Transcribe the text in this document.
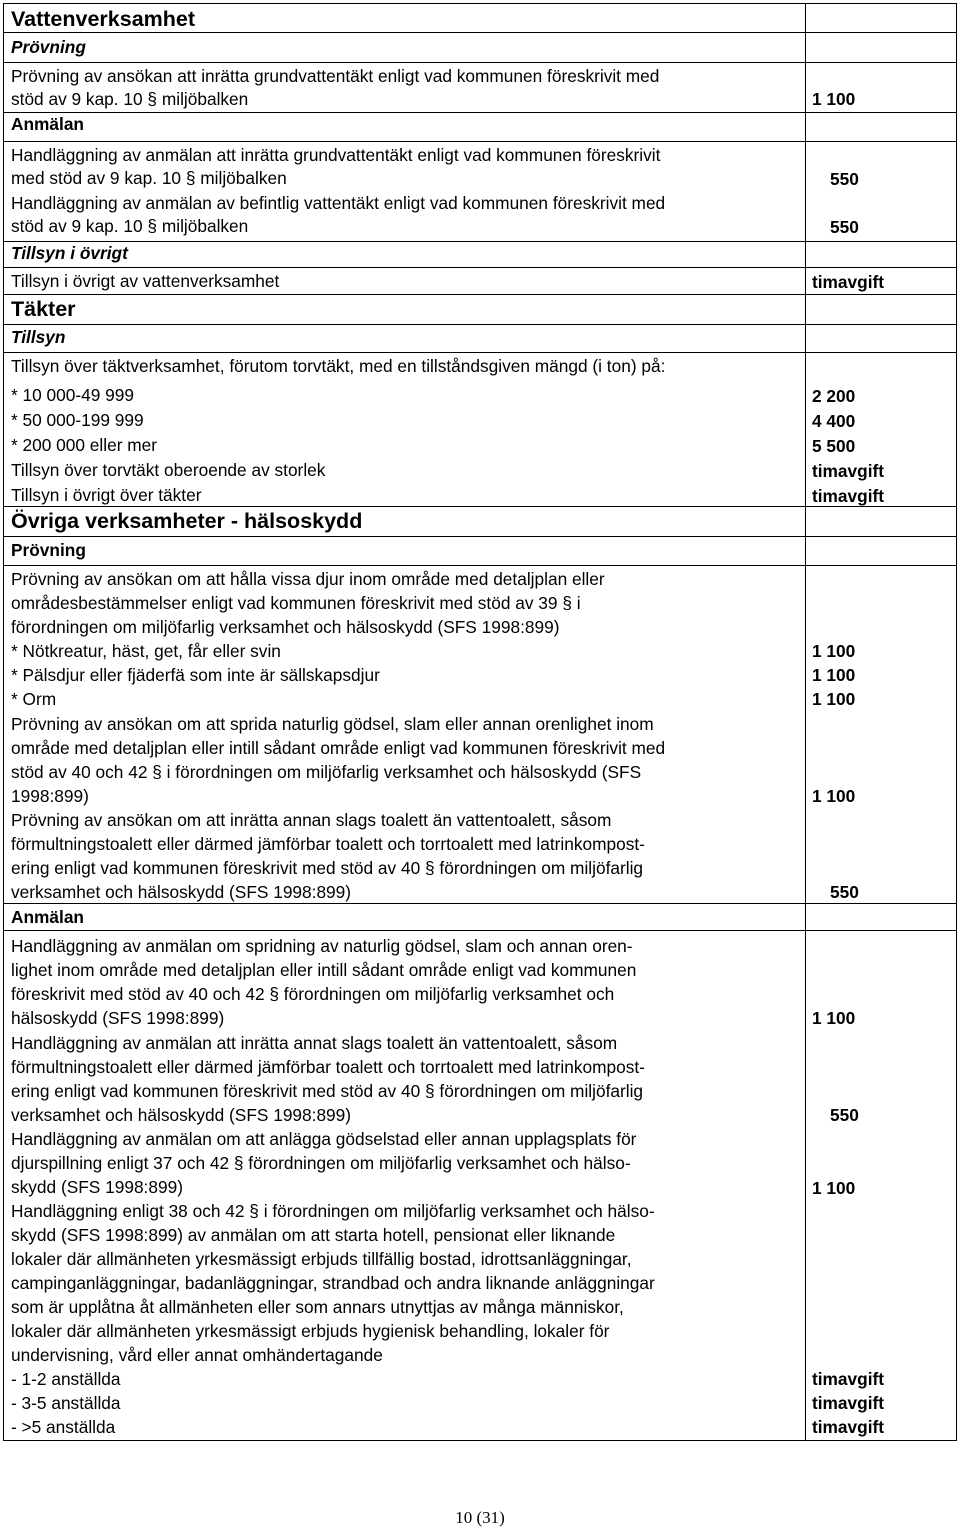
Vattenverksamhet
Prövning
Prövning av ansökan att inrätta grundvattentäkt enligt vad kommunen föreskrivit med
stöd av 9 kap. 10 § miljöbalken	1 100
Anmälan
Handläggning av anmälan att inrätta grundvattentäkt enligt vad kommunen föreskrivit
med stöd av 9 kap. 10 § miljöbalken	550
Handläggning av anmälan av befintlig vattentäkt enligt vad kommunen föreskrivit med
stöd av 9 kap. 10 § miljöbalken	550
Tillsyn i övrigt
Tillsyn i övrigt av vattenverksamhet	timavgift
Täkter
Tillsyn
Tillsyn över täktverksamhet, förutom torvtäkt, med en tillståndsgiven mängd (i ton) på:
* 10 000-49 999	2 200
* 50 000-199 999	4 400
* 200 000 eller mer	5 500
Tillsyn över torvtäkt oberoende av storlek	timavgift
Tillsyn i övrigt över täkter	timavgift
Övriga verksamheter - hälsoskydd
Prövning
Prövning av ansökan om att hålla vissa djur inom område med detaljplan eller
områdesbestämmelser enligt vad kommunen föreskrivit med stöd av 39 § i
förordningen om miljöfarlig verksamhet och hälsoskydd (SFS 1998:899)
* Nötkreatur, häst, get, får eller svin	1 100
* Pälsdjur eller fjäderfä som inte är sällskapsdjur	1 100
* Orm	1 100
Prövning av ansökan om att sprida naturlig gödsel, slam eller annan orenlighet inom
område med detaljplan eller intill sådant område enligt vad kommunen föreskrivit med
stöd av 40 och 42 § i förordningen om miljöfarlig verksamhet och hälsoskydd (SFS
1998:899)	1 100
Prövning av ansökan om att inrätta annan slags toalett än vattentoalett, såsom
förmultningstoalett eller därmed jämförbar toalett och torrtoalett med latrinkompost-
ering enligt vad kommunen föreskrivit med stöd av 40 § förordningen om miljöfarlig
verksamhet och hälsoskydd (SFS 1998:899)	550
Anmälan
Handläggning av anmälan om spridning av naturlig gödsel, slam och annan oren-
lighet inom område med detaljplan eller intill sådant område enligt vad kommunen
föreskrivit med stöd av 40 och 42 § förordningen om miljöfarlig verksamhet och
hälsoskydd (SFS 1998:899)	1 100
Handläggning av anmälan att inrätta annat slags toalett än vattentoalett, såsom
förmultningstoalett eller därmed jämförbar toalett och torrtoalett med latrinkompost-
ering enligt vad kommunen föreskrivit med stöd av 40 § förordningen om miljöfarlig
verksamhet och hälsoskydd (SFS 1998:899)	550
Handläggning av anmälan om att anlägga gödselstad eller annan upplagsplats för
djurspillning enligt 37 och 42 § förordningen om miljöfarlig verksamhet och hälso-
skydd (SFS 1998:899)	1 100
Handläggning enligt 38 och 42 § i förordningen om miljöfarlig verksamhet och hälso-
skydd (SFS 1998:899) av anmälan om att starta hotell, pensionat eller liknande
lokaler där allmänheten yrkesmässigt erbjuds tillfällig bostad, idrottsanläggningar,
campinganläggningar, badanläggningar, strandbad och andra liknande anläggningar
som är upplåtna åt allmänheten eller som annars utnyttjas av många människor,
lokaler där allmänheten yrkesmässigt erbjuds hygienisk behandling, lokaler för
undervisning, vård eller annat omhändertagande
- 1-2 anställda	timavgift
- 3-5 anställda	timavgift
- >5 anställda	timavgift
10 (31)
